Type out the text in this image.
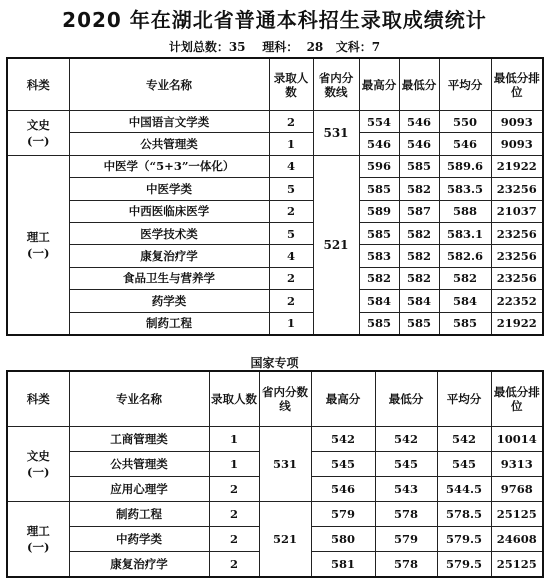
2020 年在湖北省普通本科招生录取成绩统计
计划总数：35    理科：  28   文科：7
科类	专业名称	录取人数	省内分数线	最高分	最低分	平均分	最低分排位
文史
(一)	中国语言文学类	2	531	554	546	550	9093
	公共管理类	1		546	546	546	9093
理工
(一)	中医学（“5+3”一体化）	4	521	596	585	589.6	21922
	中医学类	5		585	582	583.5	23256
	中西医临床医学	2		589	587	588	21037
	医学技术类	5		585	582	583.1	23256
	康复治疗学	4		583	582	582.6	23256
	食品卫生与营养学	2		582	582	582	23256
	药学类	2		584	584	584	22352
	制药工程	1		585	585	585	21922
国家专项
科类	专业名称	录取人数	省内分数线	最高分	最低分	平均分	最低分排位
文史
(一)	工商管理类	1	531	542	542	542	10014
	公共管理类	1		545	545	545	9313
	应用心理学	2		546	543	544.5	9768
理工
(一)	制药工程	2	521	579	578	578.5	25125
	中药学类	2		580	579	579.5	24608
	康复治疗学	2		581	578	579.5	25125
